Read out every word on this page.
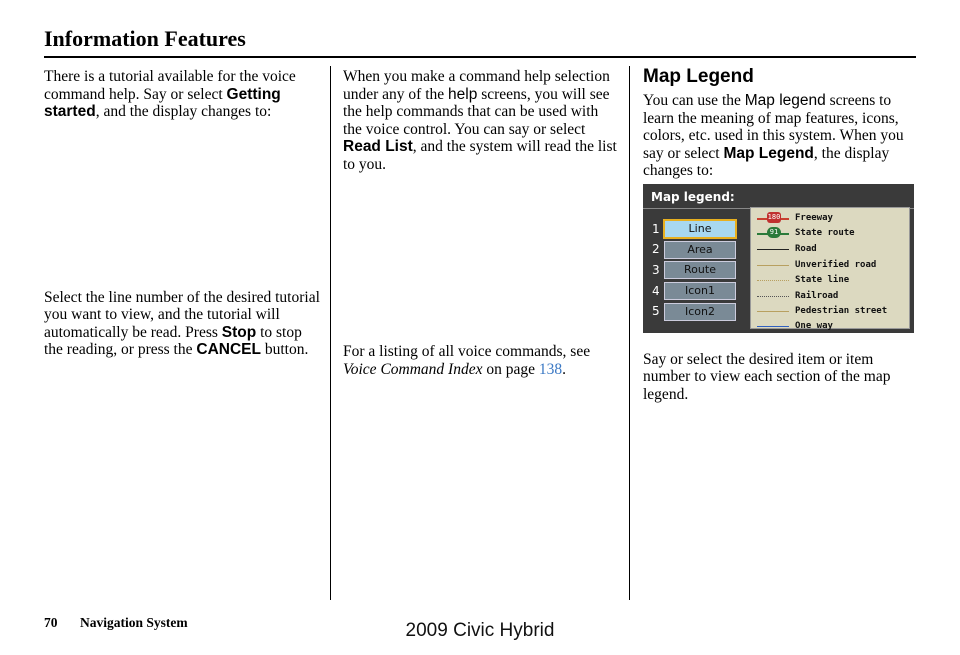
Information Features

There is a tutorial available for the voice command help. Say or select Getting started, and the display changes to:

Select the line number of the desired tutorial you want to view, and the tutorial will automatically be read. Press Stop to stop the reading, or press the CANCEL button.

When you make a command help selection under any of the help screens, you will see the help commands that can be used with the voice control. You can say or select Read List, and the system will read the list to you.

For a listing of all voice commands, see Voice Command Index on page 138.

Map Legend

You can use the Map legend screens to learn the meaning of map features, icons, colors, etc. used in this system. When you say or select Map Legend, the display changes to:

Say or select the desired item or item number to view each section of the map legend.

Map legend:
1	Line
2	Area
3	Route
4	Icon1
5	Icon2
180 Freeway
91	State route
Road
Unverified road
State line
Railroad
Pedestrian street
One way
70 Navigation System	2009 Civic Hybrid
